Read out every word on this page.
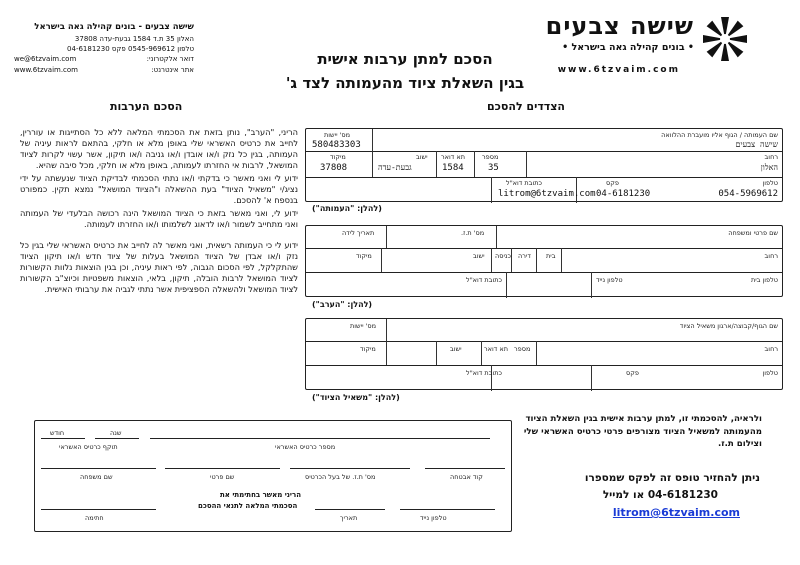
שישה צבעים
• בונים קהילה גאה בישראל •
www.6tzvaim.com
שישה צבעים - בונים קהילה גאה בישראל
האלון 35 ת.ד 1584 גבעת-עדה 37808
טלפון 0545-969612 פקס 04-6181230
דואר אלקטרוני:
we@6tzvaim.com
אתר אינטרנט:
www.6tzvaim.com
הסכם למתן ערבות אישית
בגין השאלת ציוד מהעמותה לצד ג'
הצדדים להסכם
הסכם הערבות
שם העמותה / הגוף אליו מועברת ההלוואה
שישה צבעים
מס' יישות
580483303
רחוב
האלון
מספר
35
תא דואר
1584
ישוב
גבעת-עדה
מיקוד
37808
טלפון
054-5969612
פקס
04-6181230
כתובת דוא"ל
litrom@6tzvaim.com
(להלן: "העמותה")
שם פרטי ומשפחה
מס' ת.ז.
תאריך לידה
רחוב
בית
דירה
כניסה
ישוב
מיקוד
טלפון בית
טלפון נייד
כתובת דוא"ל
(להלן: "הערב")
שם הגוף/קבוצה/ארגון משאיל הציוד
מס' יישות
רחוב
מספר
תא דואר
ישוב
מיקוד
טלפון
פקס
כתובת דוא"ל
(להלן: "משאיל הציוד")

הריני, "הערב", נותן בזאת את הסכמתי המלאה ללא כל הסתייגות או עוררין, לחייב את כרטיס האשראי שלי באופן מלא או חלקי, בהתאם לראות עיניה של העמותה, בגין כל נזק ו/או אובדן ו/או גניבה ו/או תיקון, אשר עשוי לקרות לציוד המושאל, לרבות אי החזרתו לעמותה, באופן מלא או חלקי, מכל סיבה שהיא.

ידוע לי ואני מאשר כי בדקתי ו/או נתתי הסכמתי לבדיקת הציוד שנעשתה על ידי נציג/י "משאיל הציוד" בעת ההשאלה ו"הציוד המושאל" נמצא תקין. כמפורט בנספח א' להסכם.

ידוע לי, ואני מאשר בזאת כי הציוד המושאל הינה רכושה הבלעדי של העמותה ואני מתחייב לשמור ו/או לדאוג לשלמותו ו/או החזרתו לעמותה.

ידוע לי כי העמותה רשאית, ואני מאשר לה לחייב את כרטיס האשראי שלי בגין כל נזק ו/או אבדן של הציוד המושאל בעלות של ציוד חדש ו/או תיקון הציוד שהתקלקל, לפי הסכום הגבוה, לפי ראות עיניה, וכן בגין הוצאות נלוות הקשורות לציוד המושאל לרבות הובלה, תיקון, בלאי, הוצאות משפטיות וכיוצ"ב הקשורות לציוד המושאל ולהשאלה הספציפית אשר נתתי לגביה את ערבותי האישית.

ולראיה, להסכמתי זו, למתן ערבות אישית בגין השאלת הציוד מהעמותה למשאיל הציוד מצורפים פרטי כרטיס האשראי שלי וצילום ת.ז.
ניתן להחזיר טופס זה לפקס שמספרו
04-6181230 או למייל
litrom@6tzvaim.com
שנה
חודש
תוקף כרטיס האשראי	מספר כרטיס האשראי
קוד אבטחה
מס' ת.ז. של בעל הכרטיס
שם פרטי
שם משפחה
הריני מאשר בחתימתי את
הסכמתי המלאה לתנאי ההסכם
טלפון נייד
תאריך
חתימה
